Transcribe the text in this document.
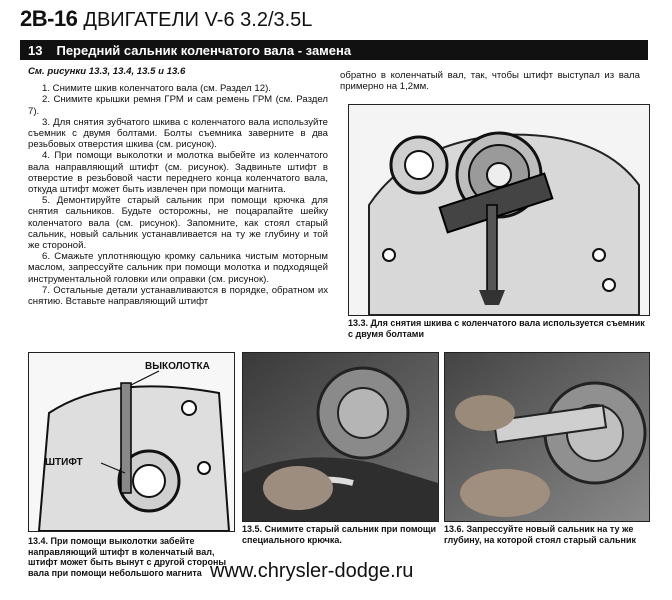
2B-16 ДВИГАТЕЛИ V-6 3.2/3.5L
13 Передний сальник коленчатого вала - замена
См. рисунки 13.3, 13.4, 13.5 и 13.6

1. Снимите шкив коленчатого вала (см. Раздел 12).

2. Снимите крышки ремня ГРМ и сам ремень ГРМ (см. Раздел 7).

3. Для снятия зубчатого шкива с коленчатого вала используйте съемник с двумя болтами. Болты съемника заверните в два резьбовых отверстия шкива (см. рисунок).

4. При помощи выколотки и молотка выбейте из коленчатого вала направляющий штифт (см. рисунок). Задвиньте штифт в отверстие в резьбовой части переднего конца коленчатого вала, откуда штифт может быть извлечен при помощи магнита.

5. Демонтируйте старый сальник при помощи крючка для снятия сальников. Будьте осторожны, не поцарапайте шейку коленчатого вала (см. рисунок). Запомните, как стоял старый сальник, новый сальник устанавливается на ту же глубину и той же стороной.

6. Смажьте уплотняющую кромку сальника чистым моторным маслом, запрессуйте сальник при помощи молотка и подходящей инструментальной головки или оправки (см. рисунок).

7. Остальные детали устанавливаются в порядке, обратном их снятию. Вставьте направляющий штифт

обратно в коленчатый вал, так, чтобы штифт выступал из вала примерно на 1,2мм.
13.3. Для снятия шкива с коленчатого вала используется съемник с двумя болтами
ВЫКОЛОТКА
ШТИФТ
13.4. При помощи выколотки забейте направляющий штифт в коленчатый вал, штифт может быть вынут с другой стороны вала при помощи небольшого магнита
13.5. Снимите старый сальник при помощи специального крючка.
13.6. Запрессуйте новый сальник на ту же глубину, на которой стоял старый сальник
www.chrysler-dodge.ru
